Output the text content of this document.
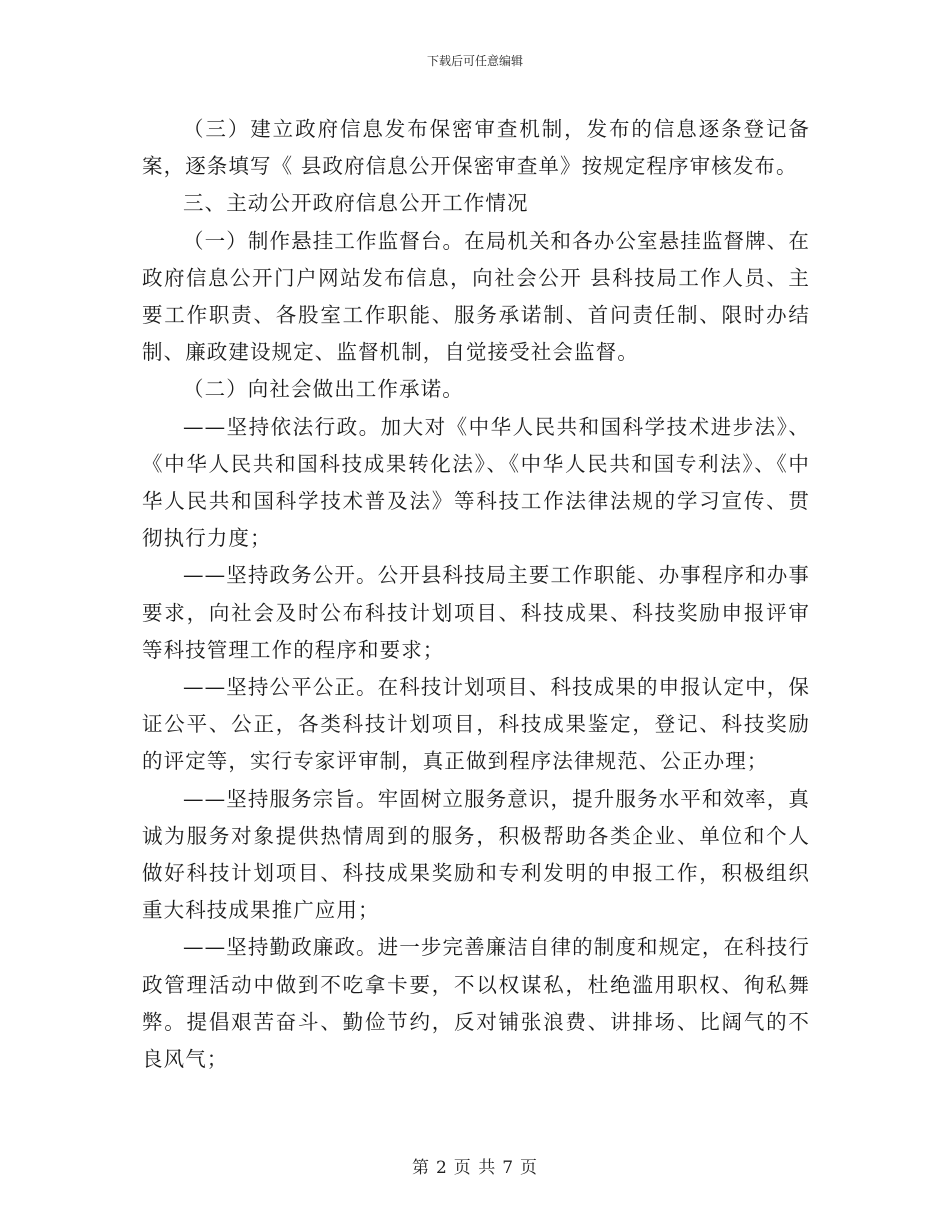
下载后可任意编辑

（三）建立政府信息发布保密审查机制，发布的信息逐条登记备案，逐条填写《 县政府信息公开保密审查单》按规定程序审核发布。

三、主动公开政府信息公开工作情况

（一）制作悬挂工作监督台。在局机关和各办公室悬挂监督牌、在政府信息公开门户网站发布信息，向社会公开 县科技局工作人员、主要工作职责、各股室工作职能、服务承诺制、首问责任制、限时办结制、廉政建设规定、监督机制，自觉接受社会监督。

（二）向社会做出工作承诺。

——坚持依法行政。加大对《中华人民共和国科学技术进步法》、《中华人民共和国科技成果转化法》、《中华人民共和国专利法》、《中华人民共和国科学技术普及法》等科技工作法律法规的学习宣传、贯彻执行力度；

——坚持政务公开。公开县科技局主要工作职能、办事程序和办事要求，向社会及时公布科技计划项目、科技成果、科技奖励申报评审等科技管理工作的程序和要求；

——坚持公平公正。在科技计划项目、科技成果的申报认定中，保证公平、公正，各类科技计划项目，科技成果鉴定，登记、科技奖励的评定等，实行专家评审制，真正做到程序法律规范、公正办理；

——坚持服务宗旨。牢固树立服务意识，提升服务水平和效率，真诚为服务对象提供热情周到的服务，积极帮助各类企业、单位和个人做好科技计划项目、科技成果奖励和专利发明的申报工作，积极组织重大科技成果推广应用；

——坚持勤政廉政。进一步完善廉洁自律的制度和规定，在科技行政管理活动中做到不吃拿卡要，不以权谋私，杜绝滥用职权、徇私舞弊。提倡艰苦奋斗、勤俭节约，反对铺张浪费、讲排场、比阔气的不良风气；

第 2 页 共 7 页
